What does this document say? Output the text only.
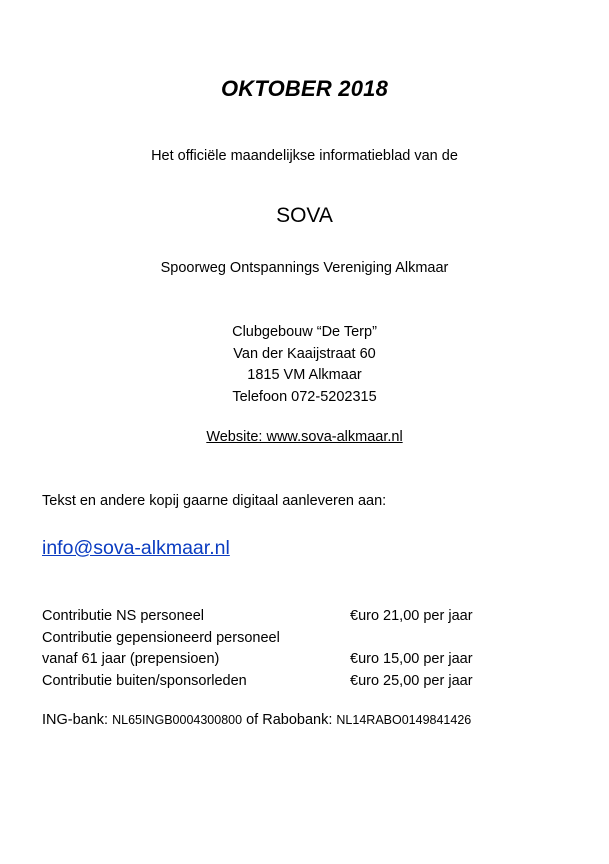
OKTOBER 2018
Het officiële maandelijkse informatieblad van de
SOVA
Spoorweg Ontspannings Vereniging Alkmaar
Clubgebouw “De Terp”
Van der Kaaijstraat 60
1815 VM Alkmaar
Telefoon 072-5202315
Website: www.sova-alkmaar.nl
Tekst en andere kopij gaarne digitaal aanleveren aan:
info@sova-alkmaar.nl
Contributie NS personeel	€uro 21,00 per jaar
Contributie gepensioneerd personeel
vanaf 61 jaar (prepensioen)	€uro 15,00 per jaar
Contributie buiten/sponsorleden	€uro 25,00 per jaar
ING-bank: NL65INGB0004300800 of Rabobank: NL14RABO0149841426
